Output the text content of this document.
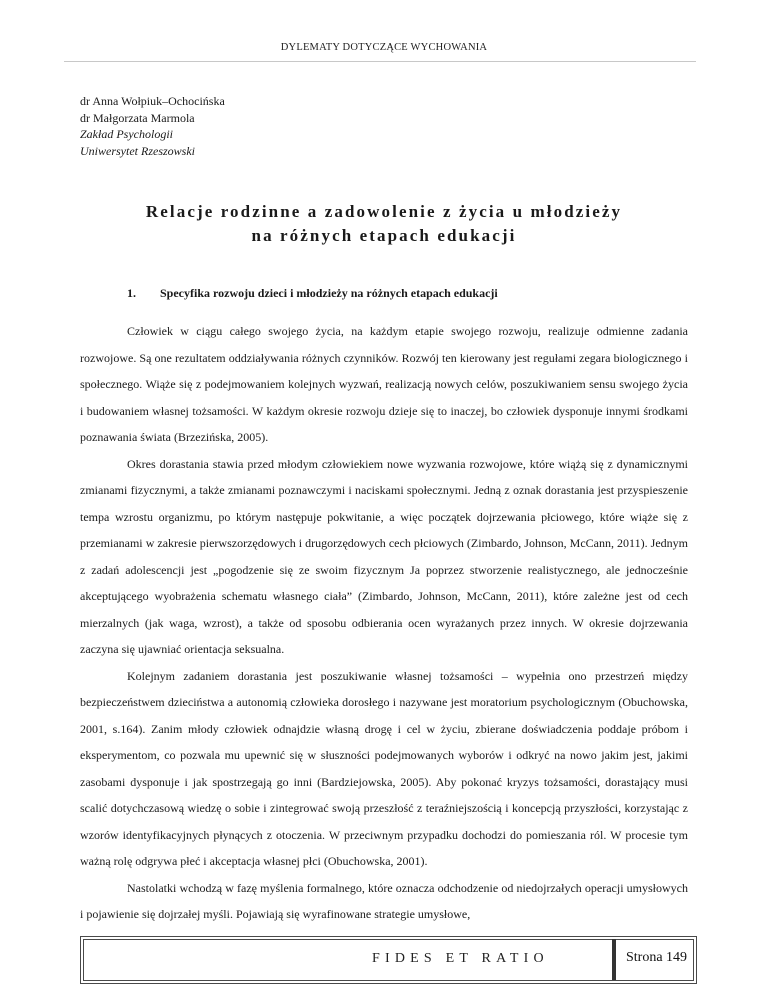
DYLEMATY DOTYCZĄCE WYCHOWANIA
dr Anna Wołpiuk–Ochocińska
dr Małgorzata Marmola
Zakład Psychologii
Uniwersytet Rzeszowski
Relacje rodzinne a zadowolenie z życia u młodzieży
na różnych etapach edukacji
1. Specyfika rozwoju dzieci i młodzieży na różnych etapach edukacji

Człowiek w ciągu całego swojego życia, na każdym etapie swojego rozwoju, realizuje odmienne zadania rozwojowe. Są one rezultatem oddziaływania różnych czynników. Rozwój ten kierowany jest regułami zegara biologicznego i społecznego. Wiąże się z podejmowaniem kolejnych wyzwań, realizacją nowych celów, poszukiwaniem sensu swojego życia i budowaniem własnej tożsamości. W każdym okresie rozwoju dzieje się to inaczej, bo człowiek dysponuje innymi środkami poznawania świata (Brzezińska, 2005).

Okres dorastania stawia przed młodym człowiekiem nowe wyzwania rozwojowe, które wiążą się z dynamicznymi zmianami fizycznymi, a także zmianami poznawczymi i naciskami społecznymi. Jedną z oznak dorastania jest przyspieszenie tempa wzrostu organizmu, po którym następuje pokwitanie, a więc początek dojrzewania płciowego, które wiąże się z przemianami w zakresie pierwszorzędowych i drugorzędowych cech płciowych (Zimbardo, Johnson, McCann, 2011). Jednym z zadań adolescencji jest „pogodzenie się ze swoim fizycznym Ja poprzez stworzenie realistycznego, ale jednocześnie akceptującego wyobrażenia schematu własnego ciała” (Zimbardo, Johnson, McCann, 2011), które zależne jest od cech mierzalnych (jak waga, wzrost), a także od sposobu odbierania ocen wyrażanych przez innych. W okresie dojrzewania zaczyna się ujawniać orientacja seksualna.

Kolejnym zadaniem dorastania jest poszukiwanie własnej tożsamości – wypełnia ono przestrzeń między bezpieczeństwem dzieciństwa a autonomią człowieka dorosłego i nazywane jest moratorium psychologicznym (Obuchowska, 2001, s.164). Zanim młody człowiek odnajdzie własną drogę i cel w życiu, zbierane doświadczenia poddaje próbom i eksperymentom, co pozwala mu upewnić się w słuszności podejmowanych wyborów i odkryć na nowo jakim jest, jakimi zasobami dysponuje i jak spostrzegają go inni (Bardziejowska, 2005). Aby pokonać kryzys tożsamości, dorastający musi scalić dotychczasową wiedzę o sobie i zintegrować swoją przeszłość z teraźniejszością i koncepcją przyszłości, korzystając z wzorów identyfikacyjnych płynących z otoczenia. W przeciwnym przypadku dochodzi do pomieszania ról. W procesie tym ważną rolę odgrywa płeć i akceptacja własnej płci (Obuchowska, 2001).

Nastolatki wchodzą w fazę myślenia formalnego, które oznacza odchodzenie od niedojrzałych operacji umysłowych i pojawienie się dojrzałej myśli. Pojawiają się wyrafinowane strategie umysłowe,

FIDES ET RATIO	Strona 149
